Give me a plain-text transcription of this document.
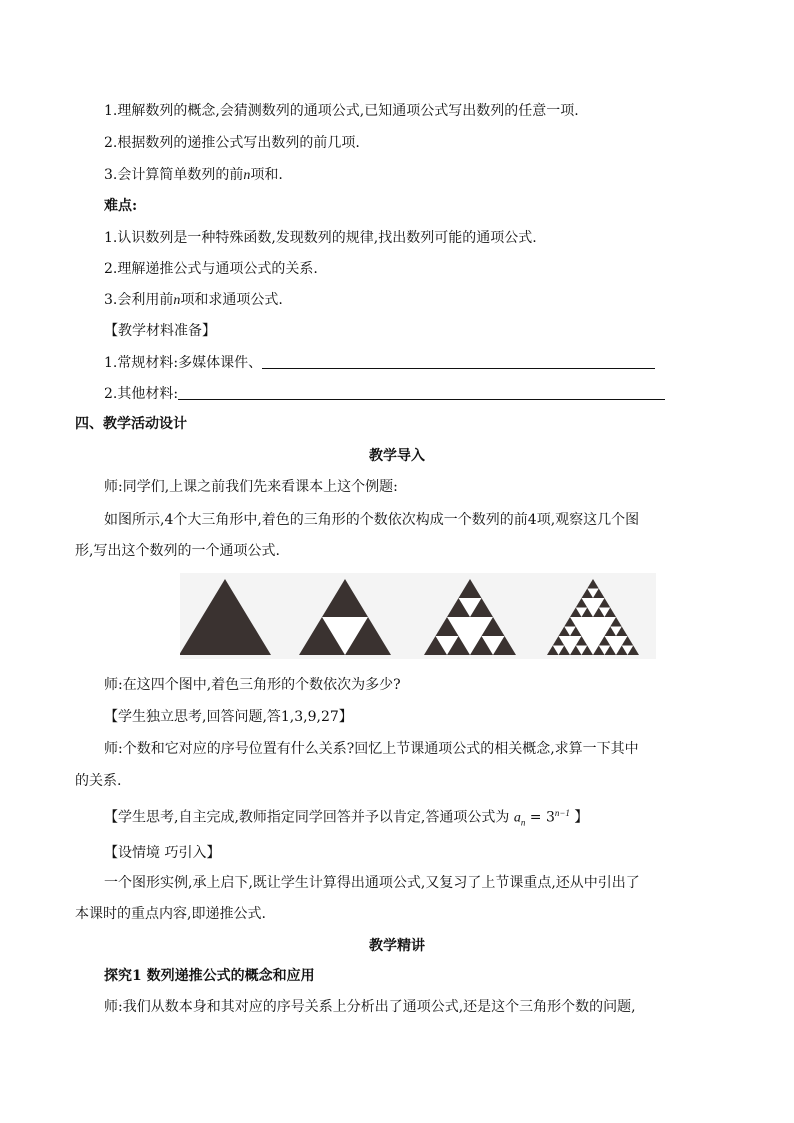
1.理解数列的概念,会猜测数列的通项公式,已知通项公式写出数列的任意一项.
2.根据数列的递推公式写出数列的前几项.
3.会计算简单数列的前n项和.
难点:
1.认识数列是一种特殊函数,发现数列的规律,找出数列可能的通项公式.
2.理解递推公式与通项公式的关系.
3.会利用前n项和求通项公式.
【教学材料准备】
1.常规材料:多媒体课件、
2.其他材料:
四、教学活动设计
教学导入
师:同学们,上课之前我们先来看课本上这个例题:
如图所示,4个大三角形中,着色的三角形的个数依次构成一个数列的前4项,观察这几个图
形,写出这个数列的一个通项公式.
师:在这四个图中,着色三角形的个数依次为多少?
【学生独立思考,回答问题,答1,3,9,27】
师:个数和它对应的序号位置有什么关系?回忆上节课通项公式的相关概念,求算一下其中
的关系.
【学生思考,自主完成,教师指定同学回答并予以肯定,答通项公式为 $a_n = 3^{n-1}$ 】
【设情境 巧引入】
一个图形实例,承上启下,既让学生计算得出通项公式,又复习了上节课重点,还从中引出了
本课时的重点内容,即递推公式.
教学精讲
探究1 数列递推公式的概念和应用
师:我们从数本身和其对应的序号关系上分析出了通项公式,还是这个三角形个数的问题,
